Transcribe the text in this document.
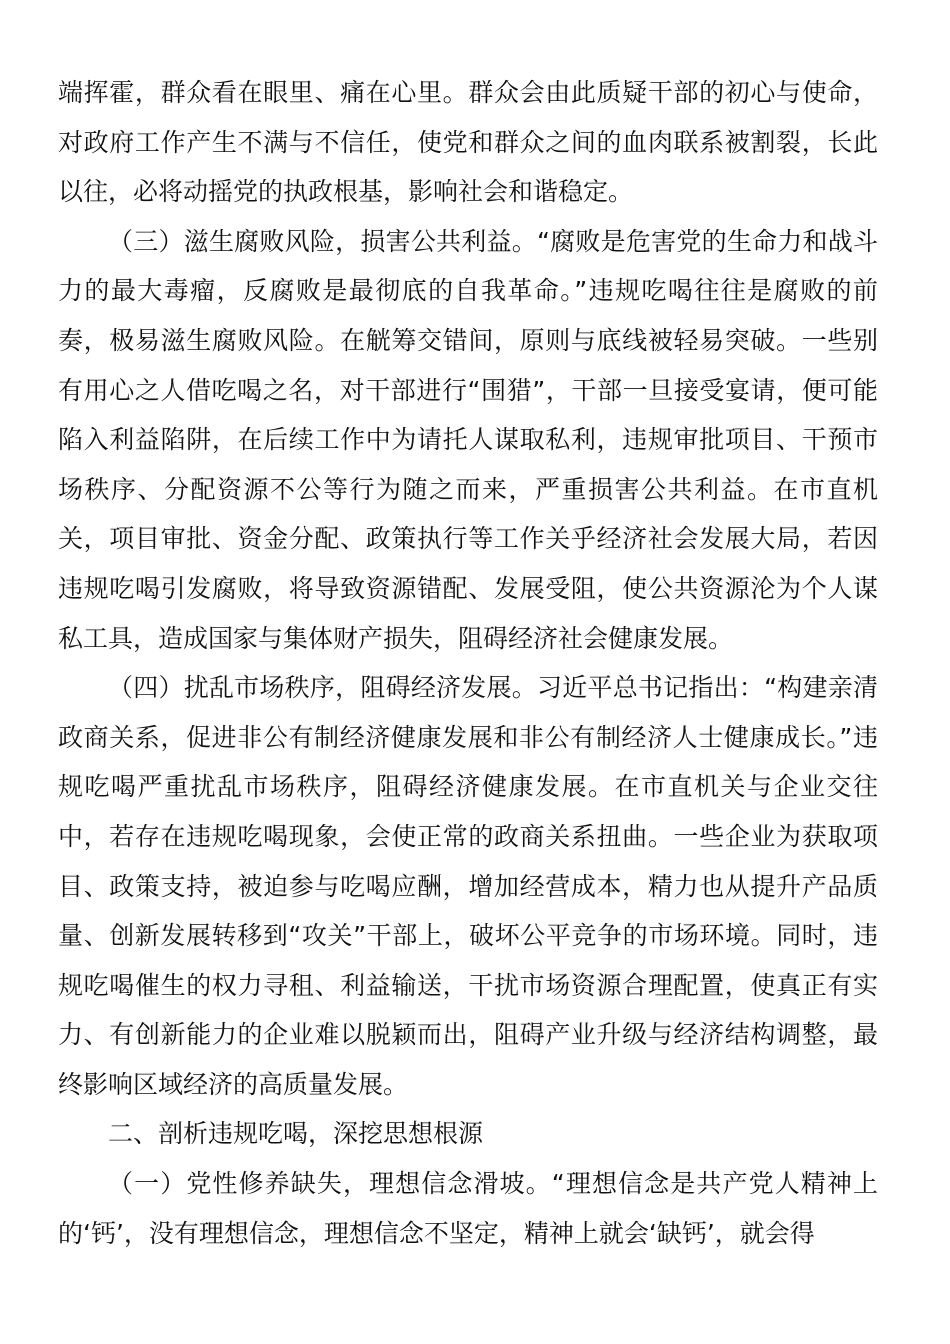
端挥霍，群众看在眼里、痛在心里。群众会由此质疑干部的初心与使命，对政府工作产生不满与不信任，使党和群众之间的血肉联系被割裂，长此以往，必将动摇党的执政根基，影响社会和谐稳定。

（三）滋生腐败风险，损害公共利益。“腐败是危害党的生命力和战斗力的最大毒瘤，反腐败是最彻底的自我革命。”违规吃喝往往是腐败的前奏，极易滋生腐败风险。在觥筹交错间，原则与底线被轻易突破。一些别有用心之人借吃喝之名，对干部进行“围猎”，干部一旦接受宴请，便可能陷入利益陷阱，在后续工作中为请托人谋取私利，违规审批项目、干预市场秩序、分配资源不公等行为随之而来，严重损害公共利益。在市直机关，项目审批、资金分配、政策执行等工作关乎经济社会发展大局，若因违规吃喝引发腐败，将导致资源错配、发展受阻，使公共资源沦为个人谋私工具，造成国家与集体财产损失，阻碍经济社会健康发展。

（四）扰乱市场秩序，阻碍经济发展。习近平总书记指出：“构建亲清政商关系，促进非公有制经济健康发展和非公有制经济人士健康成长。”违规吃喝严重扰乱市场秩序，阻碍经济健康发展。在市直机关与企业交往中，若存在违规吃喝现象，会使正常的政商关系扭曲。一些企业为获取项目、政策支持，被迫参与吃喝应酬，增加经营成本，精力也从提升产品质量、创新发展转移到“攻关”干部上，破坏公平竞争的市场环境。同时，违规吃喝催生的权力寻租、利益输送，干扰市场资源合理配置，使真正有实力、有创新能力的企业难以脱颖而出，阻碍产业升级与经济结构调整，最终影响区域经济的高质量发展。

二、剖析违规吃喝，深挖思想根源

（一）党性修养缺失，理想信念滑坡。“理想信念是共产党人精神上的‘钙’，没有理想信念，理想信念不坚定，精神上就会‘缺钙’，就会得
